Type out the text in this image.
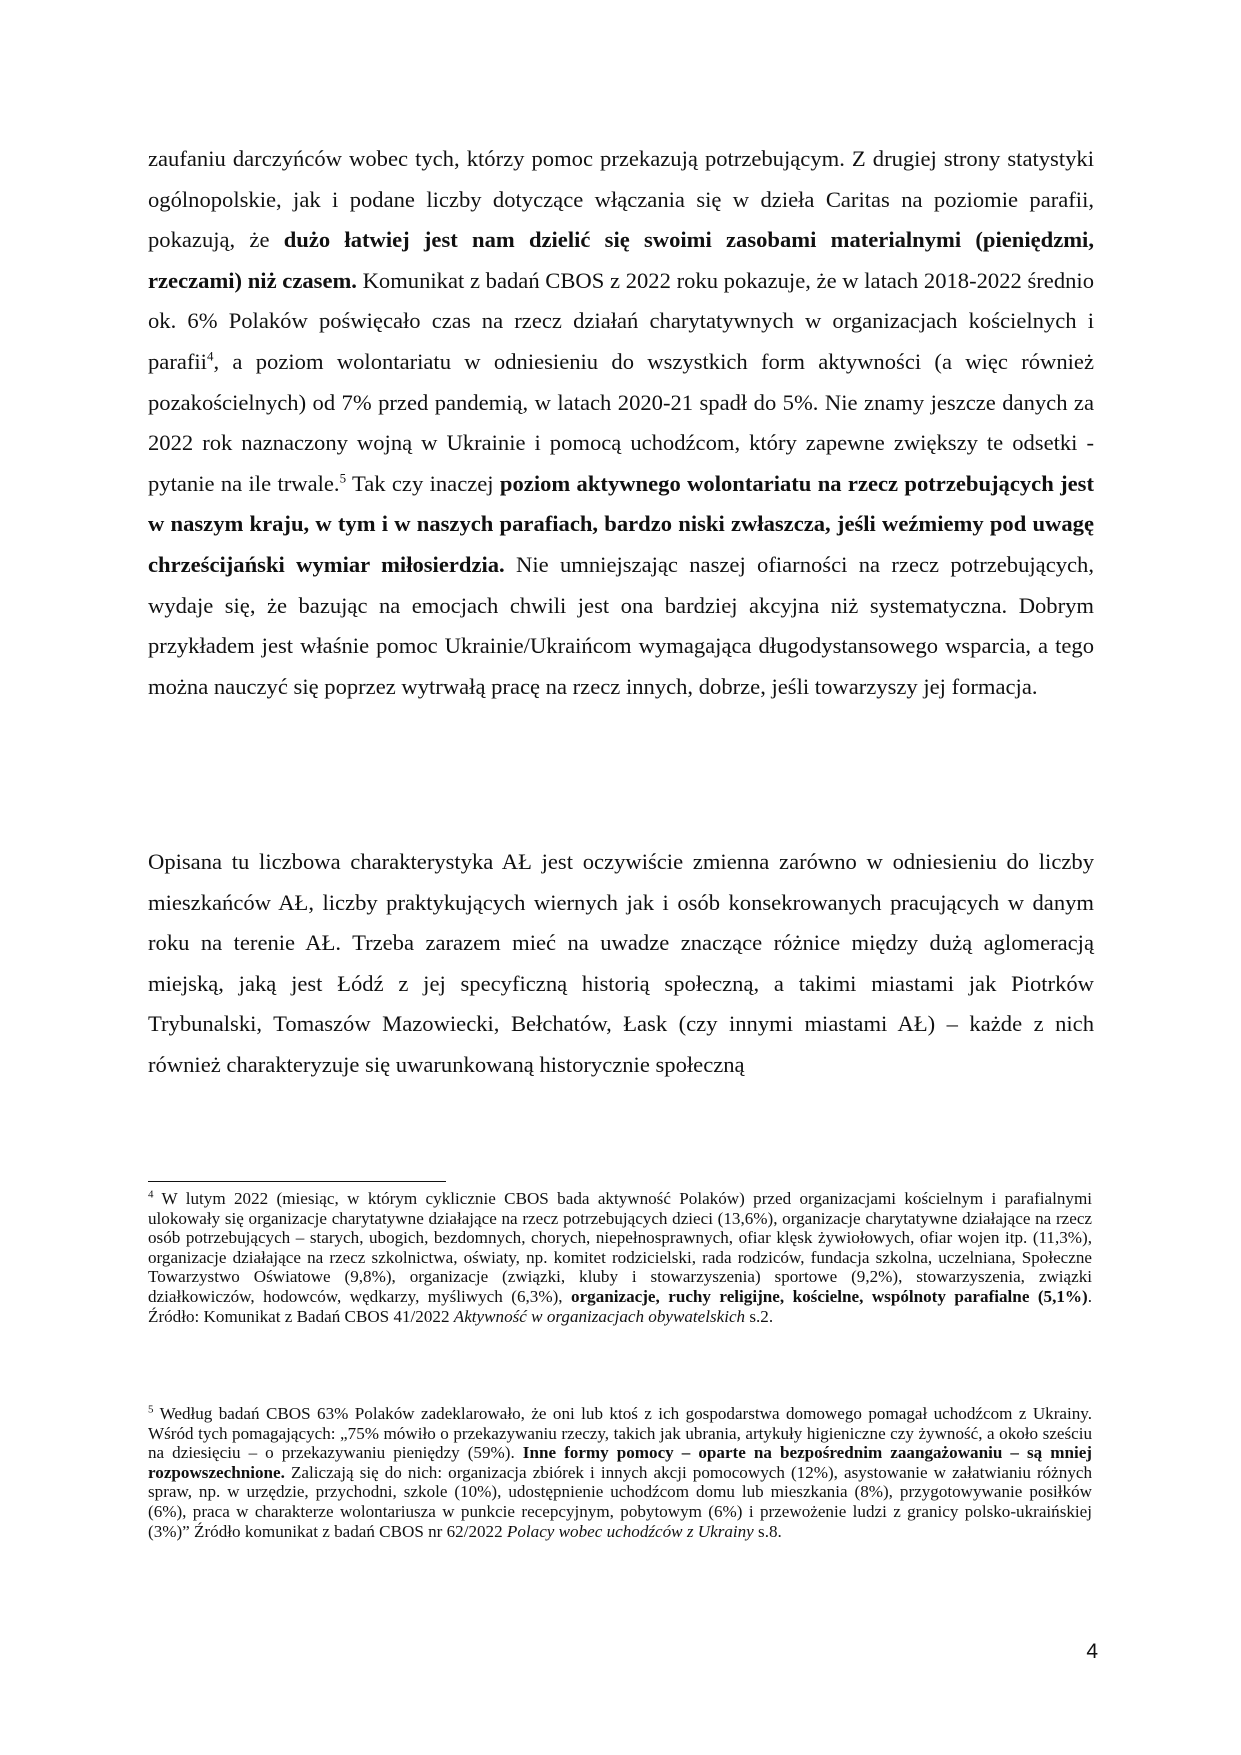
zaufaniu darczyńców wobec tych, którzy pomoc przekazują potrzebującym. Z drugiej strony statystyki ogólnopolskie, jak i podane liczby dotyczące włączania się w dzieła Caritas na poziomie parafii, pokazują, że dużo łatwiej jest nam dzielić się swoimi zasobami materialnymi (pieniędzmi, rzeczami) niż czasem. Komunikat z badań CBOS z 2022 roku pokazuje, że w latach 2018-2022 średnio ok. 6% Polaków poświęcało czas na rzecz działań charytatywnych w organizacjach kościelnych i parafii$^4$, a poziom wolontariatu w odniesieniu do wszystkich form aktywności (a więc również pozakościelnych) od 7% przed pandemią, w latach 2020-21 spadł do 5%. Nie znamy jeszcze danych za 2022 rok naznaczony wojną w Ukrainie i pomocą uchodźcom, który zapewne zwiększy te odsetki - pytanie na ile trwale.$^5$ Tak czy inaczej poziom aktywnego wolontariatu na rzecz potrzebujących jest w naszym kraju, w tym i w naszych parafiach, bardzo niski zwłaszcza, jeśli weźmiemy pod uwagę chrześcijański wymiar miłosierdzia. Nie umniejszając naszej ofiarności na rzecz potrzebujących, wydaje się, że bazując na emocjach chwili jest ona bardziej akcyjna niż systematyczna. Dobrym przykładem jest właśnie pomoc Ukrainie/Ukraińcom wymagająca długodystansowego wsparcia, a tego można nauczyć się poprzez wytrwałą pracę na rzecz innych, dobrze, jeśli towarzyszy jej formacja.

Opisana tu liczbowa charakterystyka AŁ jest oczywiście zmienna zarówno w odniesieniu do liczby mieszkańców AŁ, liczby praktykujących wiernych jak i osób konsekrowanych pracujących w danym roku na terenie AŁ. Trzeba zarazem mieć na uwadze znaczące różnice między dużą aglomeracją miejską, jaką jest Łódź z jej specyficzną historią społeczną, a takimi miastami jak Piotrków Trybunalski, Tomaszów Mazowiecki, Bełchatów, Łask (czy innymi miastami AŁ) – każde z nich również charakteryzuje się uwarunkowaną historycznie społeczną

$^4$ W lutym 2022 (miesiąc, w którym cyklicznie CBOS bada aktywność Polaków) przed organizacjami kościelnym i parafialnymi ulokowały się organizacje charytatywne działające na rzecz potrzebujących dzieci (13,6%), organizacje charytatywne działające na rzecz osób potrzebujących – starych, ubogich, bezdomnych, chorych, niepełnosprawnych, ofiar klęsk żywiołowych, ofiar wojen itp. (11,3%), organizacje działające na rzecz szkolnictwa, oświaty, np. komitet rodzicielski, rada rodziców, fundacja szkolna, uczelniana, Społeczne Towarzystwo Oświatowe (9,8%), organizacje (związki, kluby i stowarzyszenia) sportowe (9,2%), stowarzyszenia, związki działkowiczów, hodowców, wędkarzy, myśliwych (6,3%), organizacje, ruchy religijne, kościelne, wspólnoty parafialne (5,1%). Źródło: Komunikat z Badań CBOS 41/2022 Aktywność w organizacjach obywatelskich s.2.

$^5$ Według badań CBOS 63% Polaków zadeklarowało, że oni lub ktoś z ich gospodarstwa domowego pomagał uchodźcom z Ukrainy. Wśród tych pomagających: „75% mówiło o przekazywaniu rzeczy, takich jak ubrania, artykuły higieniczne czy żywność, a około sześciu na dziesięciu – o przekazywaniu pieniędzy (59%). Inne formy pomocy – oparte na bezpośrednim zaangażowaniu – są mniej rozpowszechnione. Zaliczają się do nich: organizacja zbiórek i innych akcji pomocowych (12%), asystowanie w załatwianiu różnych spraw, np. w urzędzie, przychodni, szkole (10%), udostępnienie uchodźcom domu lub mieszkania (8%), przygotowywanie posiłków (6%), praca w charakterze wolontariusza w punkcie recepcyjnym, pobytowym (6%) i przewożenie ludzi z granicy polsko-ukraińskiej (3%)” Źródło komunikat z badań CBOS nr 62/2022 Polacy wobec uchodźców z Ukrainy s.8.

4
